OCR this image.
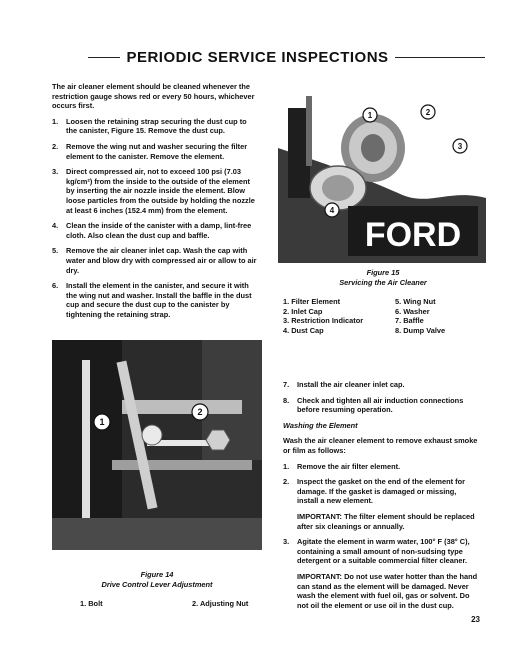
PERIODIC SERVICE INSPECTIONS

The air cleaner element should be cleaned whenever the restriction gauge shows red or every 50 hours, whichever occurs first.

1. Loosen the retaining strap securing the dust cup to the canister, Figure 15. Remove the dust cup.
2. Remove the wing nut and washer securing the filter element to the canister. Remove the element.
3. Direct compressed air, not to exceed 100 psi (7.03 kg/cm²) from the inside to the outside of the element by inserting the air nozzle inside the element. Blow loose particles from the outside by holding the nozzle at least 6 inches (152.4 mm) from the element.
4. Clean the inside of the canister with a damp, lint-free cloth. Also clean the dust cup and baffle.
5. Remove the air cleaner inlet cap. Wash the cap with water and blow dry with compressed air or allow to air dry.
6. Install the element in the canister, and secure it with the wing nut and washer. Install the baffle in the dust cup and secure the dust cup to the canister by tightening the retaining strap.
FORD
1	2
3
4
Figure 15
Servicing the Air Cleaner
1. Filter Element	5. Wing Nut
2. Inlet Cap	6. Washer
3. Restriction Indicator	7. Baffle
4. Dust Cap	8. Dump Valve
1
2
Figure 14
Drive Control Lever Adjustment
1. Bolt	2. Adjusting Nut
7. Install the air cleaner inlet cap.
8. Check and tighten all air induction connections before resuming operation.

Washing the Element

Wash the air cleaner element to remove exhaust smoke or film as follows:

1. Remove the air filter element.
2. Inspect the gasket on the end of the element for damage. If the gasket is damaged or missing, install a new element.

IMPORTANT: The filter element should be replaced after six cleanings or annually.

3. Agitate the element in warm water, 100° F (38° C), containing a small amount of non-sudsing type detergent or a suitable commercial filter cleaner.

IMPORTANT: Do not use water hotter than the hand can stand as the element will be damaged. Never wash the element with fuel oil, gas or solvent. Do not oil the element or use oil in the dust cup.

23
